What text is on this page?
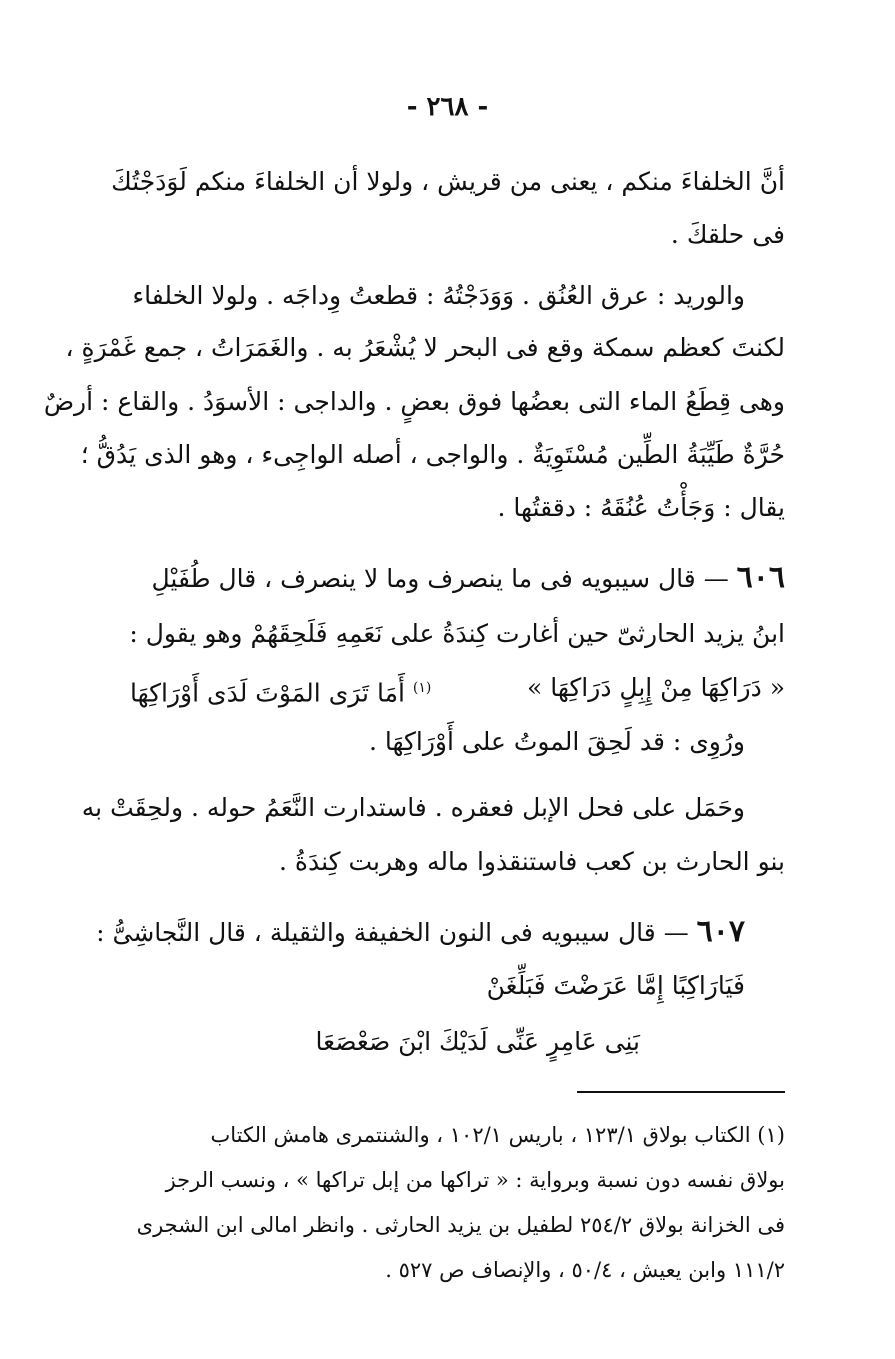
- ٢٦٨ -
أنَّ الخلفاءَ منكم ، يعنى من قريش ، ولولا أن الخلفاءَ منكم لَوَدَجْتُكَ
فى حلقكَ .
والوريد : عرق العُنُق . وَوَدَجْتُهُ : قطعتُ وِداجَه . ولولا الخلفاء
لكنتَ كعظم سمكة وقع فى البحر لا يُشْعَرُ به . والغَمَرَاتُ ، جمع غَمْرَةٍ ،
وهى قِطَعُ الماء التى بعضُها فوق بعضٍ . والداجى : الأسوَدُ . والقاع : أرضٌ
حُرَّةٌ طَيِّبَةُ الطِّين مُسْتَوِيَةٌ . والواجى ، أصله الواجِىء ، وهو الذى يَدُقُّ ؛
يقال : وَجَأْتُ عُنُقَهُ : دققتُها .
٦٠٦ — قال سيبويه فى ما ينصرف وما لا ينصرف ، قال طُفَيْلِ
ابنُ يزيد الحارثىّ حين أغارت كِندَةُ على نَعَمِهِ فَلَحِقَهُمْ وهو يقول :
« دَرَاكِهَا مِنْ إِبِلٍ دَرَاكِهَا »
$^{(١)}$ أَمَا تَرَى المَوْتَ لَدَى أَوْرَاكِهَا
ورُوِى : قد لَحِقَ الموتُ على أَوْرَاكِهَا .
وحَمَل على فحل الإبل فعقره . فاستدارت النَّعَمُ حوله . ولحِقَتْ به
بنو الحارث بن كعب فاستنقذوا ماله وهربت كِندَةُ .
٦٠٧ — قال سيبويه فى النون الخفيفة والثقيلة ، قال النَّجاشِىُّ :
فَيَارَاكِبًا إِمَّا عَرَضْتَ فَبَلِّغَنْ
بَنِى عَامِرٍ عَنِّى لَدَيْكَ ابْنَ صَعْصَعَا
(١) الكتاب بولاق ١٢٣/١ ، باريس ١٠٢/١ ، والشنتمرى هامش الكتاب
بولاق نفسه دون نسبة وبرواية : « تراكها من إبل تراكها » ، ونسب الرجز
فى الخزانة بولاق ٢٥٤/٢ لطفيل بن يزيد الحارثى . وانظر امالى ابن الشجرى
١١١/٢ وابن يعيش ، ٥٠/٤ ، والإنصاف ص ٥٢٧ .
